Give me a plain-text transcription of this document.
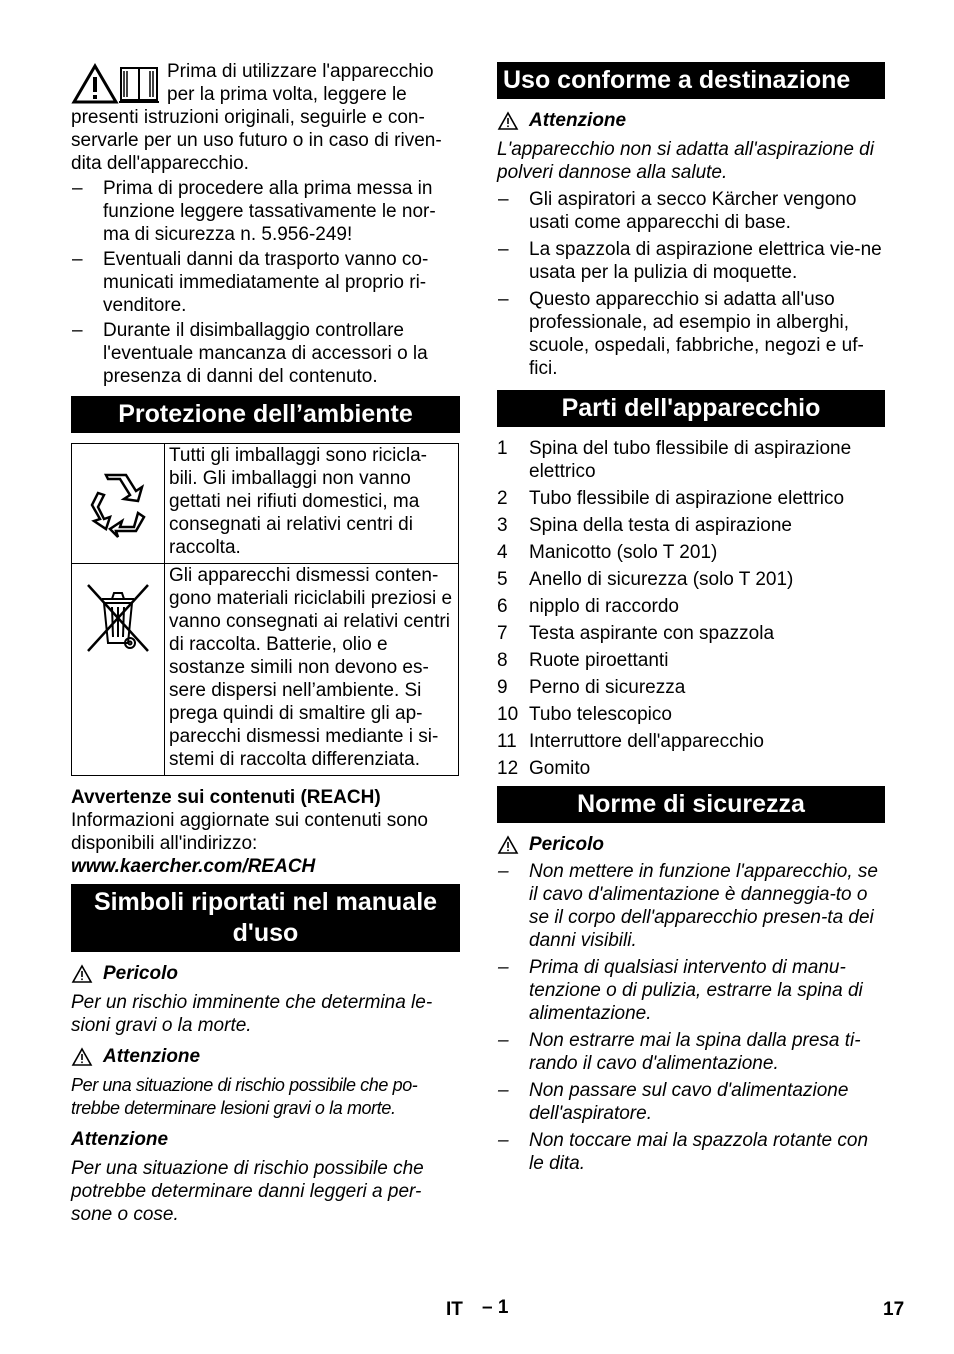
Prima di utilizzare l'apparecchio per la prima volta, leggere le presenti istruzioni originali, seguirle e con-servarle per un uso futuro o in caso di riven-dita dell'apparecchio.

– Prima di procedere alla prima messa in funzione leggere tassativamente le nor-ma di sicurezza n. 5.956-249!
– Eventuali danni da trasporto vanno co-municati immediatamente al proprio ri-venditore.
– Durante il disimballaggio controllare l'eventuale mancanza di accessori o la presenza di danni del contenuto.
Protezione dell’ambiente
	Tutti gli imballaggi sono ricicla-bili. Gli imballaggi non vanno gettati nei rifiuti domestici, ma consegnati ai relativi centri di raccolta.
	Gli apparecchi dismessi conten-gono materiali riciclabili preziosi e vanno consegnati ai relativi centri di raccolta. Batterie, olio e sostanze simili non devono es-sere dispersi nell’ambiente. Si prega quindi di smaltire gli ap-parecchi dismessi mediante i si-stemi di raccolta differenziata.

Avvertenze sui contenuti (REACH)

Informazioni aggiornate sui contenuti sono disponibili all'indirizzo:

www.kaercher.com/REACH

Simboli riportati nel manuale d'uso
Pericolo

Per un rischio imminente che determina le-sioni gravi o la morte.

Attenzione

Per una situazione di rischio possibile che po-trebbe determinare lesioni gravi o la morte.

Attenzione

Per una situazione di rischio possibile che potrebbe determinare danni leggeri a per-sone o cose.

Uso conforme a destinazione
Attenzione

L'apparecchio non si adatta all'aspirazione di polveri dannose alla salute.

– Gli aspiratori a secco Kärcher vengono usati come apparecchi di base.
– La spazzola di aspirazione elettrica vie-ne usata per la pulizia di moquette.
– Questo apparecchio si adatta all'uso professionale, ad esempio in alberghi, scuole, ospedali, fabbriche, negozi e uf-fici.
Parti dell'apparecchio
1 Spina del tubo flessibile di aspirazione elettrico
2 Tubo flessibile di aspirazione elettrico
3 Spina della testa di aspirazione
4 Manicotto (solo T 201)
5 Anello di sicurezza (solo T 201)
6 nipplo di raccordo
7 Testa aspirante con spazzola
8 Ruote piroettanti
9 Perno di sicurezza
10 Tubo telescopico
11 Interruttore dell'apparecchio
12 Gomito
Norme di sicurezza
Pericolo
– Non mettere in funzione l'apparecchio, se il cavo d'alimentazione è danneggia-to o se il corpo dell'apparecchio presen-ta dei danni visibili.
– Prima di qualsiasi intervento di manu-tenzione o di pulizia, estrarre la spina di alimentazione.
– Non estrarre mai la spina dalla presa ti-rando il cavo d'alimentazione.
– Non passare sul cavo d'alimentazione dell'aspiratore.
– Non toccare mai la spazzola rotante con le dita.
IT – 1	17
